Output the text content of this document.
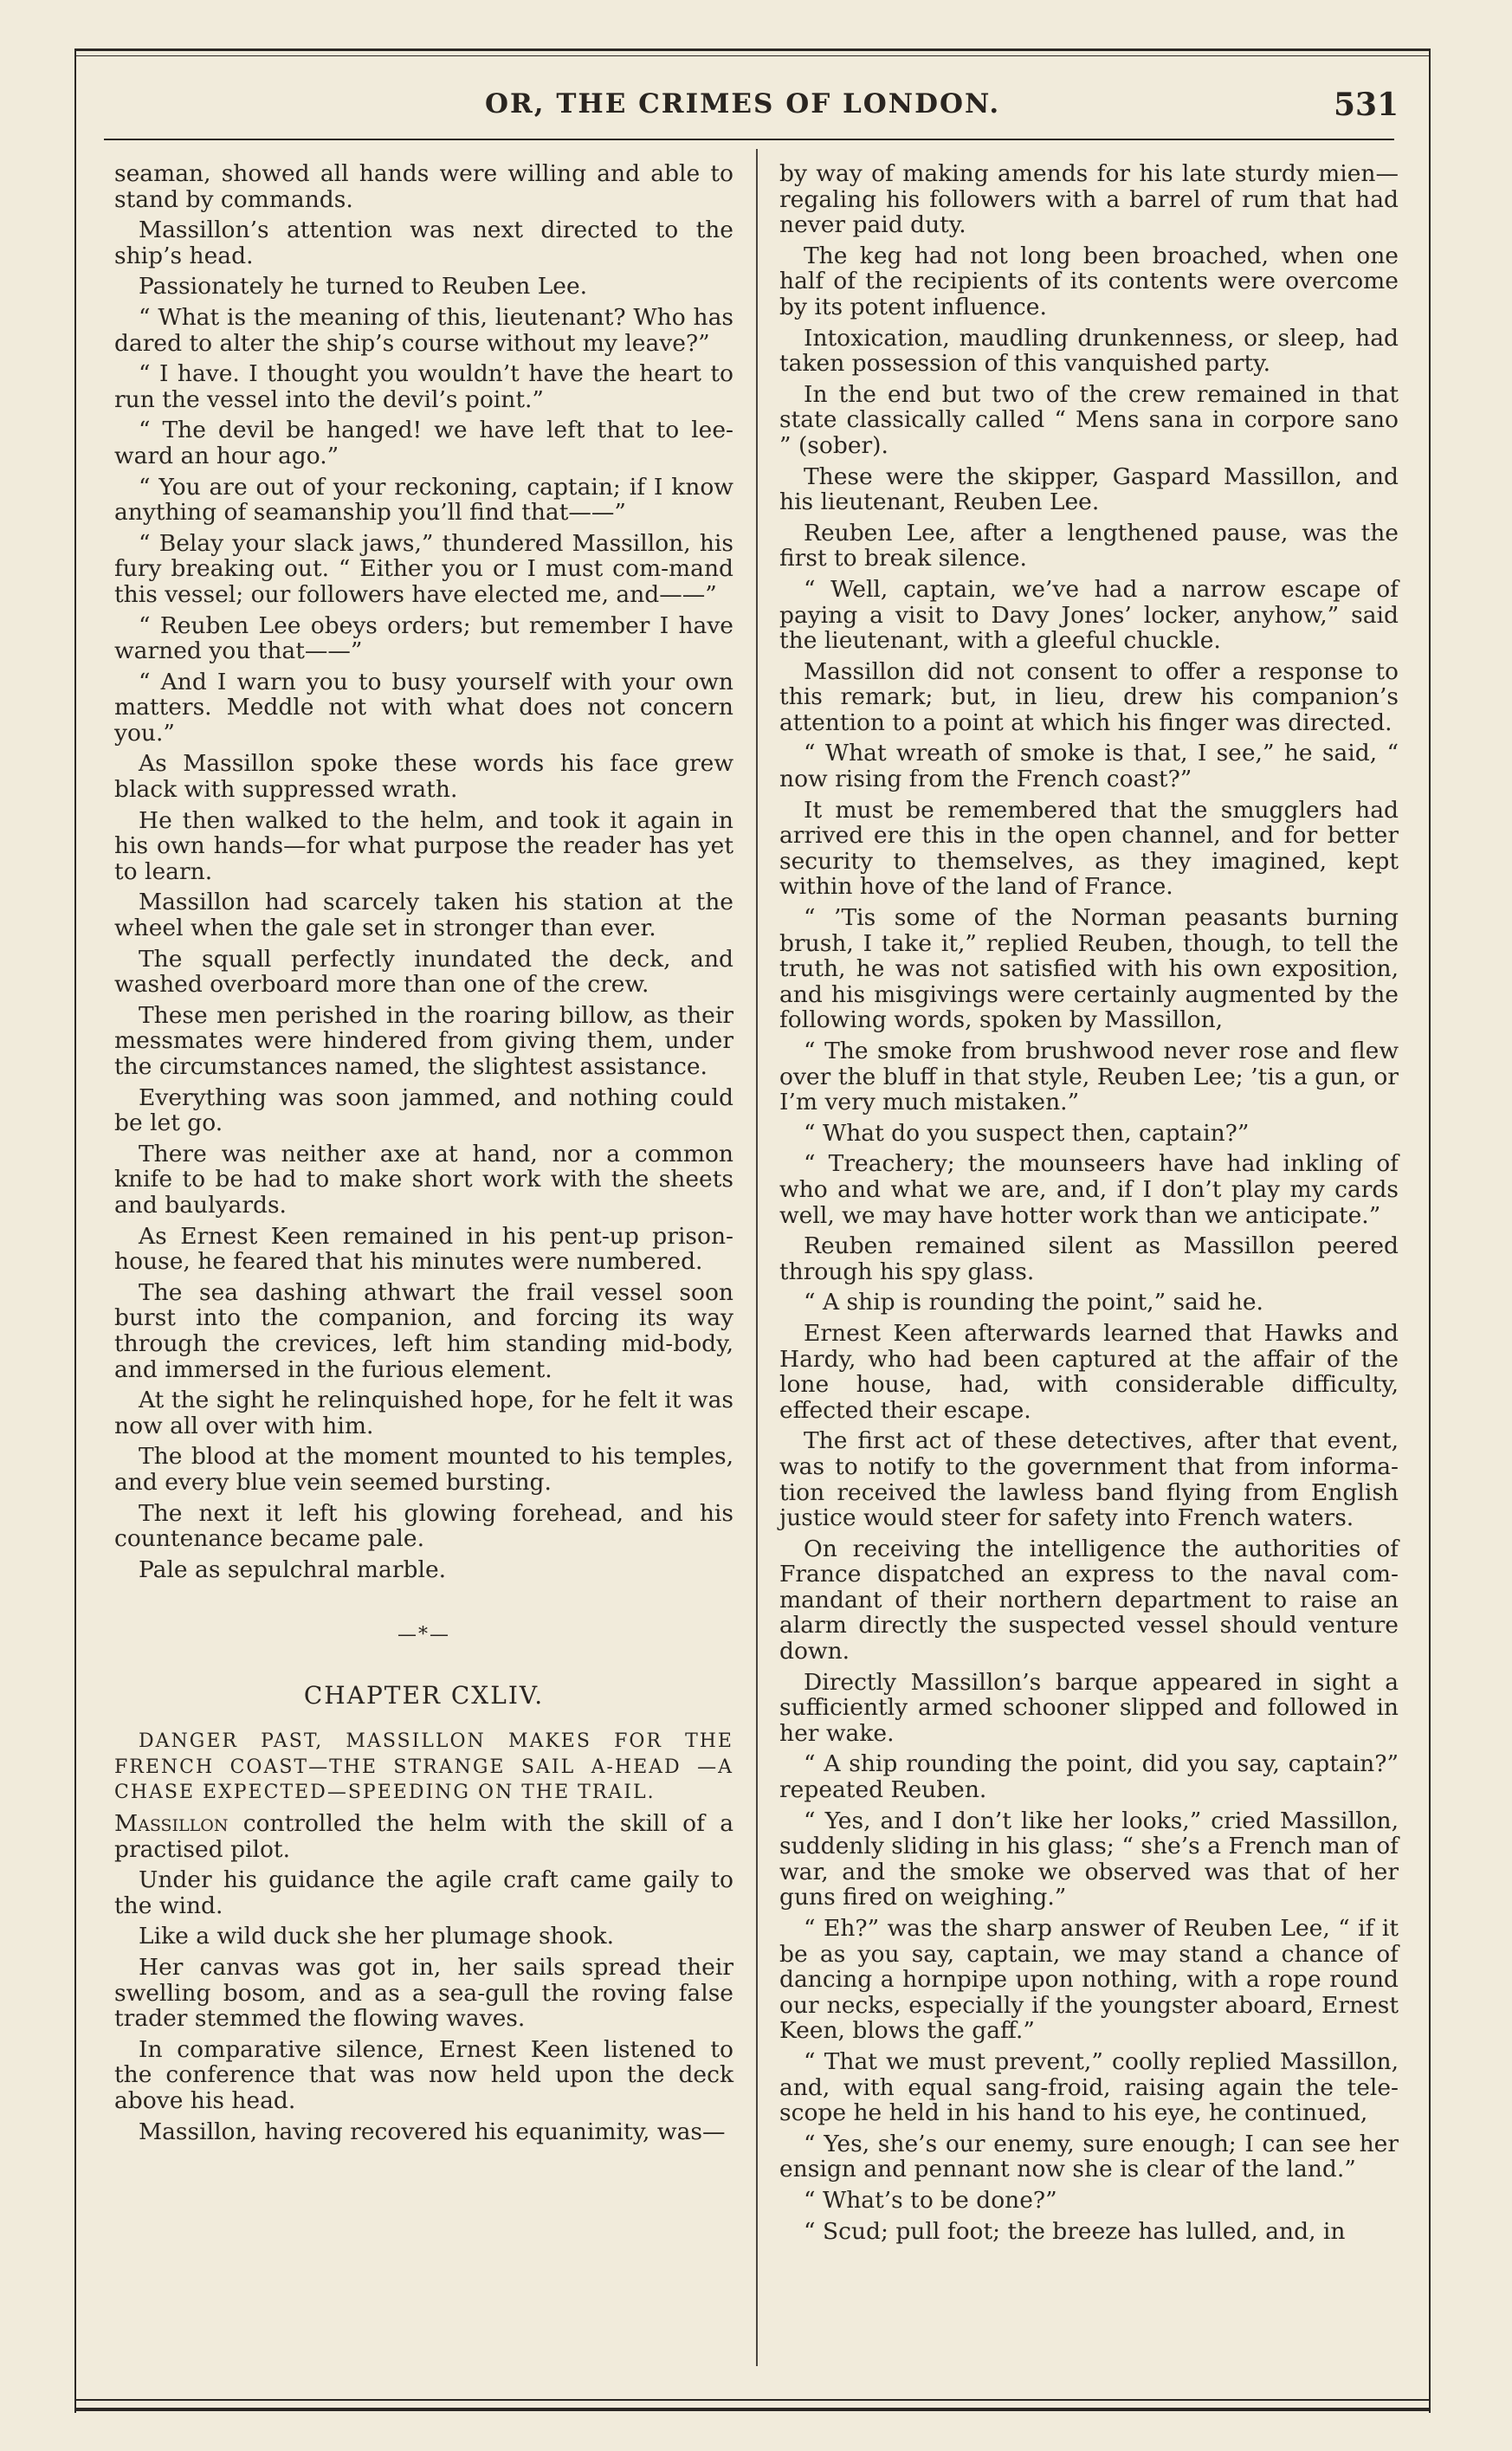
OR, THE CRIMES OF LONDON.	531

seaman, showed all hands were willing and able to stand by commands.

Massillon’s attention was next directed to the ship’s head.

Passionately he turned to Reuben Lee.

“ What is the meaning of this, lieutenant? Who has dared to alter the ship’s course without my leave?”

“ I have. I thought you wouldn’t have the heart to run the vessel into the devil’s point.”

“ The devil be hanged! we have left that to lee-ward an hour ago.”

“ You are out of your reckoning, captain; if I know anything of seamanship you’ll find that——”

“ Belay your slack jaws,” thundered Massillon, his fury breaking out. “ Either you or I must com-mand this vessel; our followers have elected me, and——”

“ Reuben Lee obeys orders; but remember I have warned you that——”

“ And I warn you to busy yourself with your own matters. Meddle not with what does not concern you.”

As Massillon spoke these words his face grew black with suppressed wrath.

He then walked to the helm, and took it again in his own hands—for what purpose the reader has yet to learn.

Massillon had scarcely taken his station at the wheel when the gale set in stronger than ever.

The squall perfectly inundated the deck, and washed overboard more than one of the crew.

These men perished in the roaring billow, as their messmates were hindered from giving them, under the circumstances named, the slightest assistance.

Everything was soon jammed, and nothing could be let go.

There was neither axe at hand, nor a common knife to be had to make short work with the sheets and baulyards.

As Ernest Keen remained in his pent-up prison-house, he feared that his minutes were numbered.

The sea dashing athwart the frail vessel soon burst into the companion, and forcing its way through the crevices, left him standing mid-body, and immersed in the furious element.

At the sight he relinquished hope, for he felt it was now all over with him.

The blood at the moment mounted to his temples, and every blue vein seemed bursting.

The next it left his glowing forehead, and his countenance became pale.

Pale as sepulchral marble.

—*—
CHAPTER CXLIV.

DANGER PAST, MASSILLON MAKES FOR THE FRENCH COAST—THE STRANGE SAIL A-HEAD —A CHASE EXPECTED—SPEEDING ON THE TRAIL.

Massillon controlled the helm with the skill of a practised pilot.

Under his guidance the agile craft came gaily to the wind.

Like a wild duck she her plumage shook.

Her canvas was got in, her sails spread their swelling bosom, and as a sea-gull the roving false trader stemmed the flowing waves.

In comparative silence, Ernest Keen listened to the conference that was now held upon the deck above his head.

Massillon, having recovered his equanimity, was—

by way of making amends for his late sturdy mien—regaling his followers with a barrel of rum that had never paid duty.

The keg had not long been broached, when one half of the recipients of its contents were overcome by its potent influence.

Intoxication, maudling drunkenness, or sleep, had taken possession of this vanquished party.

In the end but two of the crew remained in that state classically called “ Mens sana in corpore sano ” (sober).

These were the skipper, Gaspard Massillon, and his lieutenant, Reuben Lee.

Reuben Lee, after a lengthened pause, was the first to break silence.

“ Well, captain, we’ve had a narrow escape of paying a visit to Davy Jones’ locker, anyhow,” said the lieutenant, with a gleeful chuckle.

Massillon did not consent to offer a response to this remark; but, in lieu, drew his companion’s attention to a point at which his finger was directed.

“ What wreath of smoke is that, I see,” he said, “ now rising from the French coast?”

It must be remembered that the smugglers had arrived ere this in the open channel, and for better security to themselves, as they imagined, kept within hove of the land of France.

“ ’Tis some of the Norman peasants burning brush, I take it,” replied Reuben, though, to tell the truth, he was not satisfied with his own exposition, and his misgivings were certainly augmented by the following words, spoken by Massillon,

“ The smoke from brushwood never rose and flew over the bluff in that style, Reuben Lee; ’tis a gun, or I’m very much mistaken.”

“ What do you suspect then, captain?”

“ Treachery; the mounseers have had inkling of who and what we are, and, if I don’t play my cards well, we may have hotter work than we anticipate.”

Reuben remained silent as Massillon peered through his spy glass.

“ A ship is rounding the point,” said he.

Ernest Keen afterwards learned that Hawks and Hardy, who had been captured at the affair of the lone house, had, with considerable difficulty, effected their escape.

The first act of these detectives, after that event, was to notify to the government that from informa-tion received the lawless band flying from English justice would steer for safety into French waters.

On receiving the intelligence the authorities of France dispatched an express to the naval com-mandant of their northern department to raise an alarm directly the suspected vessel should venture down.

Directly Massillon’s barque appeared in sight a sufficiently armed schooner slipped and followed in her wake.

“ A ship rounding the point, did you say, captain?” repeated Reuben.

“ Yes, and I don’t like her looks,” cried Massillon, suddenly sliding in his glass; “ she’s a French man of war, and the smoke we observed was that of her guns fired on weighing.”

“ Eh?” was the sharp answer of Reuben Lee, “ if it be as you say, captain, we may stand a chance of dancing a hornpipe upon nothing, with a rope round our necks, especially if the youngster aboard, Ernest Keen, blows the gaff.”

“ That we must prevent,” coolly replied Massillon, and, with equal sang-froid, raising again the tele-scope he held in his hand to his eye, he continued,

“ Yes, she’s our enemy, sure enough; I can see her ensign and pennant now she is clear of the land.”

“ What’s to be done?”

“ Scud; pull foot; the breeze has lulled, and, in
